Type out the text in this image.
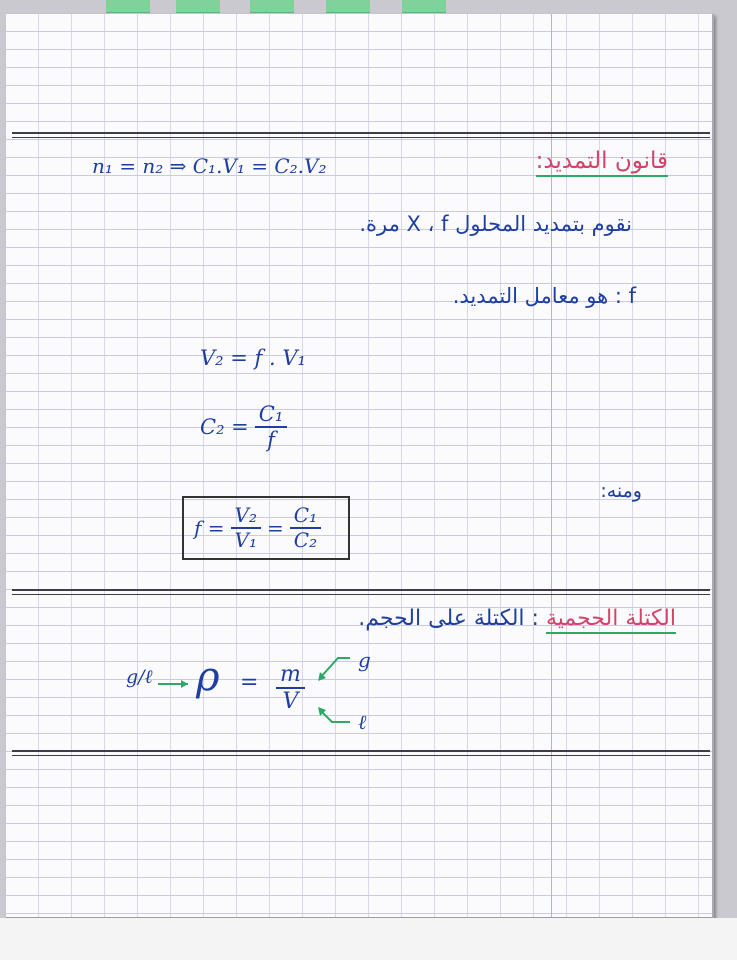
n₁ = n₂ ⇒ C₁.V₁ = C₂.V₂	قانون التمديد:
نقوم بتمديد المحلول X ، f مرة.
f : هو معامل التمديد.
V₂ = f . V₁
$C_2 = \frac{\text{C₁}}{f}$
ومنه:
$f = \frac{\text{V₂}}{\text{V₁}} = \frac{\text{C₁}}{\text{C₂}}$
الكتلة الحجمية : الكتلة على الحجم.
g/ℓ $\rho = \frac{m}{V}$
g
ℓ
